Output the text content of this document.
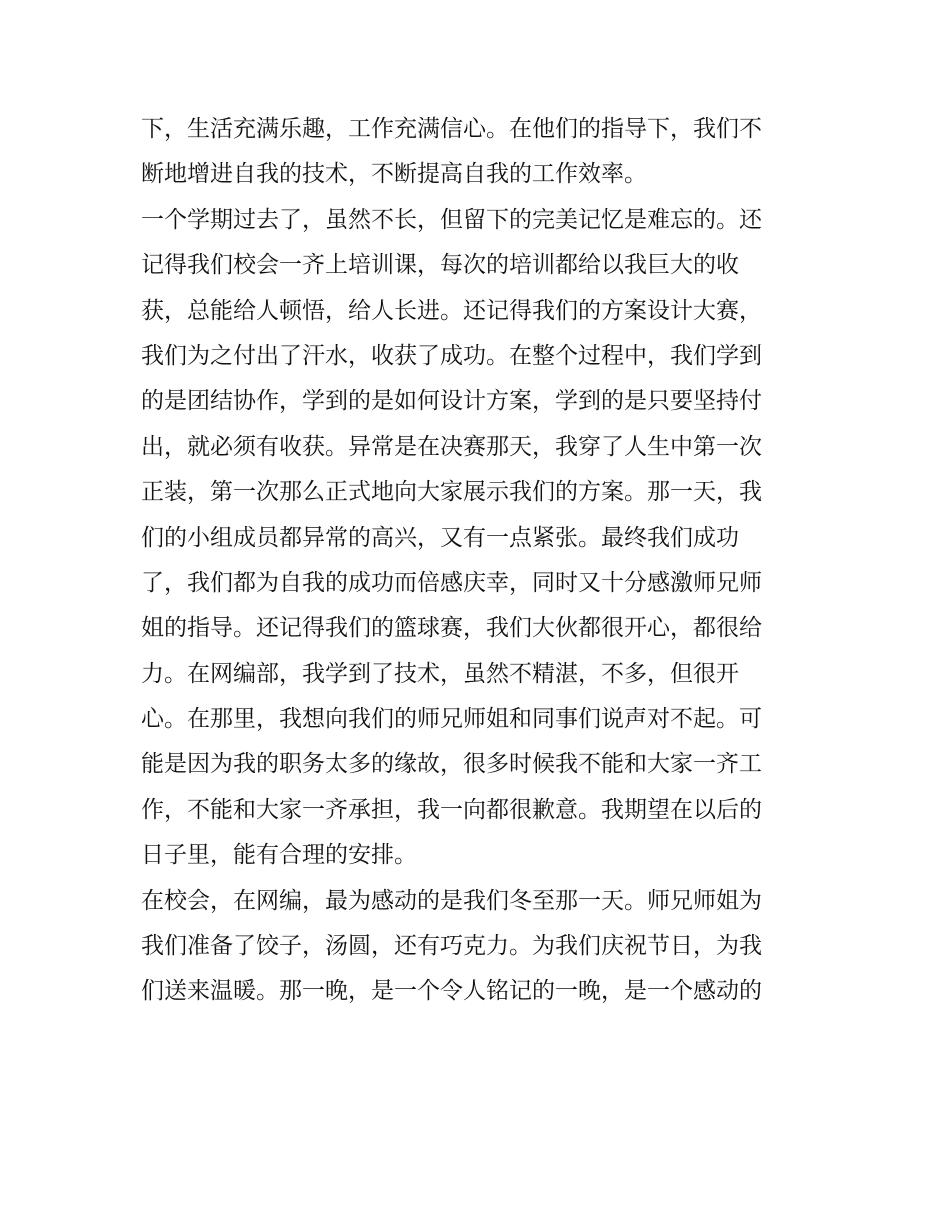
下，生活充满乐趣，工作充满信心。在他们的指导下，我们不
断地增进自我的技术，不断提高自我的工作效率。
一个学期过去了，虽然不长，但留下的完美记忆是难忘的。还
记得我们校会一齐上培训课，每次的培训都给以我巨大的收
获，总能给人顿悟，给人长进。还记得我们的方案设计大赛，
我们为之付出了汗水，收获了成功。在整个过程中，我们学到
的是团结协作，学到的是如何设计方案，学到的是只要坚持付
出，就必须有收获。异常是在决赛那天，我穿了人生中第一次
正装，第一次那么正式地向大家展示我们的方案。那一天，我
们的小组成员都异常的高兴，又有一点紧张。最终我们成功
了，我们都为自我的成功而倍感庆幸，同时又十分感激师兄师
姐的指导。还记得我们的篮球赛，我们大伙都很开心，都很给
力。在网编部，我学到了技术，虽然不精湛，不多，但很开
心。在那里，我想向我们的师兄师姐和同事们说声对不起。可
能是因为我的职务太多的缘故，很多时候我不能和大家一齐工
作，不能和大家一齐承担，我一向都很歉意。我期望在以后的
日子里，能有合理的安排。
在校会，在网编，最为感动的是我们冬至那一天。师兄师姐为
我们准备了饺子，汤圆，还有巧克力。为我们庆祝节日，为我
们送来温暖。那一晚，是一个令人铭记的一晚，是一个感动的
